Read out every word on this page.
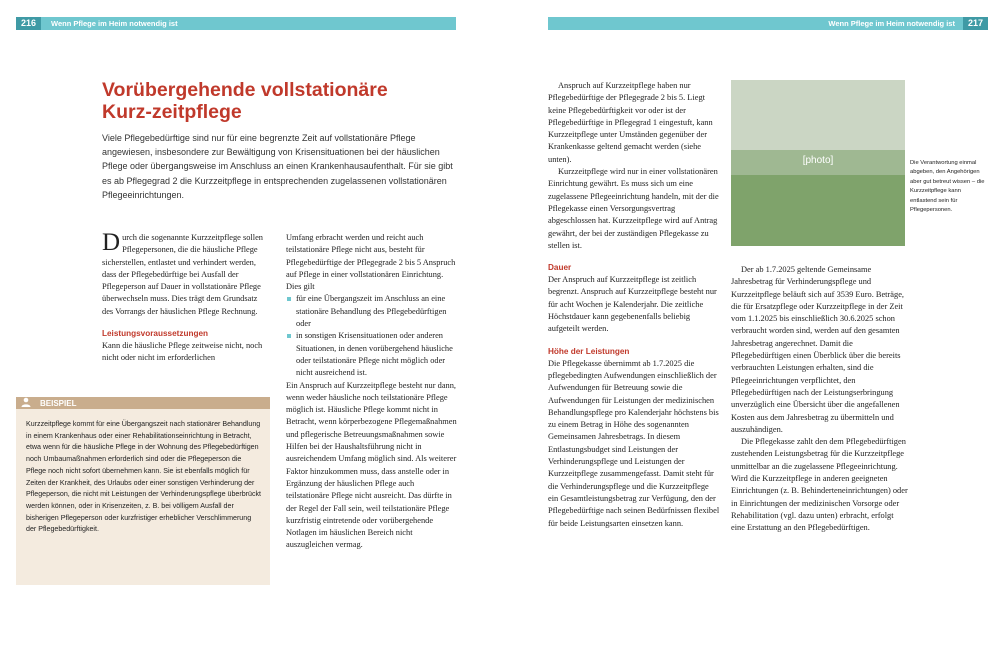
216	Wenn Pflege im Heim notwendig ist	217
Wenn Pflege im Heim notwendig ist
Vorübergehende vollstationäre Kurz-zeitpflege

Viele Pflegebedürftige sind nur für eine begrenzte Zeit auf vollstationäre Pflege angewiesen, insbesondere zur Bewältigung von Krisensituationen bei der häuslichen Pflege oder übergangsweise im Anschluss an einen Krankenhausaufenthalt. Für sie gibt es ab Pflegegrad 2 die Kurzzeitpflege in entsprechenden zugelassenen vollstationären Pflegeeinrichtungen.

Durch die sogenannte Kurzzeitpflege sollen Pflegepersonen, die die häusliche Pflege sicherstellen, entlastet und verhindert werden, dass der Pflegebedürftige bei Ausfall der Pflegeperson auf Dauer in vollstationäre Pflege überwechseln muss. Dies trägt dem Grundsatz des Vorrangs der häuslichen Pflege Rechnung.

Leistungsvoraussetzungen

Kann die häusliche Pflege zeitweise nicht, noch nicht oder nicht im erforderlichen

Umfang erbracht werden und reicht auch teilstationäre Pflege nicht aus, besteht für Pflegebedürftige der Pflegegrade 2 bis 5 Anspruch auf Pflege in einer vollstationären Einrichtung. Dies gilt

für eine Übergangszeit im Anschluss an eine stationäre Behandlung des Pflegebedürftigen oder
in sonstigen Krisensituationen oder anderen Situationen, in denen vorübergehend häusliche oder teilstationäre Pflege nicht möglich oder nicht ausreichend ist.

Ein Anspruch auf Kurzzeitpflege besteht nur dann, wenn weder häusliche noch teilstationäre Pflege möglich ist. Häusliche Pflege kommt nicht in Betracht, wenn körperbezogene Pflegemaßnahmen und pflegerische Betreuungsmaßnahmen sowie Hilfen bei der Haushaltsführung nicht in ausreichendem Umfang möglich sind. Als weiterer Faktor hinzukommen muss, dass anstelle oder in Ergänzung der häuslichen Pflege auch teilstationäre Pflege nicht ausreicht. Das dürfte in der Regel der Fall sein, weil teilstationäre Pflege kurzfristig eintretende oder vorübergehende Notlagen im häuslichen Bereich nicht auszugleichen vermag.

BEISPIEL

Kurzzeitpflege kommt für eine Übergangszeit nach stationärer Behandlung in einem Krankenhaus oder einer Rehabilitationseinrichtung in Betracht, etwa wenn für die häusliche Pflege in der Wohnung des Pflegebedürftigen noch Umbaumaßnahmen erforderlich sind oder die Pflegeperson die Pflege noch nicht sofort übernehmen kann. Sie ist ebenfalls möglich für Zeiten der Krankheit, des Urlaubs oder einer sonstigen Verhinderung der Pflegeperson, die nicht mit Leistungen der Verhinderungspflege überbrückt werden können, oder in Krisenzeiten, z. B. bei völligem Ausfall der bisherigen Pflegeperson oder kurzfristiger erheblicher Verschlimmerung der Pflegebedürftigkeit.

Anspruch auf Kurzzeitpflege haben nur Pflegebedürftige der Pflegegrade 2 bis 5. Liegt keine Pflegebedürftigkeit vor oder ist der Pflegebedürftige in Pflegegrad 1 eingestuft, kann Kurzzeitpflege unter Umständen gegenüber der Krankenkasse geltend gemacht werden (siehe unten).

Kurzzeitpflege wird nur in einer vollstationären Einrichtung gewährt. Es muss sich um eine zugelassene Pflegeeinrichtung handeln, mit der die Pflegekasse einen Versorgungsvertrag abgeschlossen hat. Kurzzeitpflege wird auf Antrag gewährt, der bei der zuständigen Pflegekasse zu stellen ist.

Dauer

Der Anspruch auf Kurzzeitpflege ist zeitlich begrenzt. Anspruch auf Kurzzeitpflege besteht nur für acht Wochen je Kalenderjahr. Die zeitliche Höchstdauer kann gegebenenfalls beliebig aufgeteilt werden.

Höhe der Leistungen

Die Pflegekasse übernimmt ab 1.7.2025 die pflegebedingten Aufwendungen einschließlich der Aufwendungen für Betreuung sowie die Aufwendungen für Leistungen der medizinischen Behandlungspflege pro Kalenderjahr höchstens bis zu einem Betrag in Höhe des sogenannten Gemeinsamen Jahresbetrags. In diesem Entlastungsbudget sind Leistungen der Verhinderungspflege und Leistungen der Kurzzeitpflege zusammengefasst. Damit steht für die Verhinderungspflege und die Kurzzeitpflege ein Gesamtleistungsbetrag zur Verfügung, den der Pflegebedürftige nach seinen Bedürfnissen flexibel für beide Leistungsarten einsetzen kann.

[photo]	Die Verantwortung einmal abgeben, den Angehörigen aber gut betreut wissen – die Kurzzeitpflege kann entlastend sein für Pflegepersonen.

Der ab 1.7.2025 geltende Gemeinsame Jahresbetrag für Verhinderungspflege und Kurzzeitpflege beläuft sich auf 3539 Euro. Beträge, die für Ersatzpflege oder Kurzzeitpflege in der Zeit vom 1.1.2025 bis einschließlich 30.6.2025 schon verbraucht worden sind, werden auf den gesamten Jahresbetrag angerechnet. Damit die Pflegebedürftigen einen Überblick über die bereits verbrauchten Leistungen erhalten, sind die Pflegeeinrichtungen verpflichtet, den Pflegebedürftigen nach der Leistungserbringung unverzüglich eine Übersicht über die angefallenen Kosten aus dem Jahresbetrag zu übermitteln und auszuhändigen.

Die Pflegekasse zahlt den dem Pflegebedürftigen zustehenden Leistungsbetrag für die Kurzzeitpflege unmittelbar an die zugelassene Pflegeeinrichtung. Wird die Kurzzeitpflege in anderen geeigneten Einrichtungen (z. B. Behinderteneinrichtungen) oder in Einrichtungen der medizinischen Vorsorge oder Rehabilitation (vgl. dazu unten) erbracht, erfolgt eine Erstattung an den Pflegebedürftigen.
